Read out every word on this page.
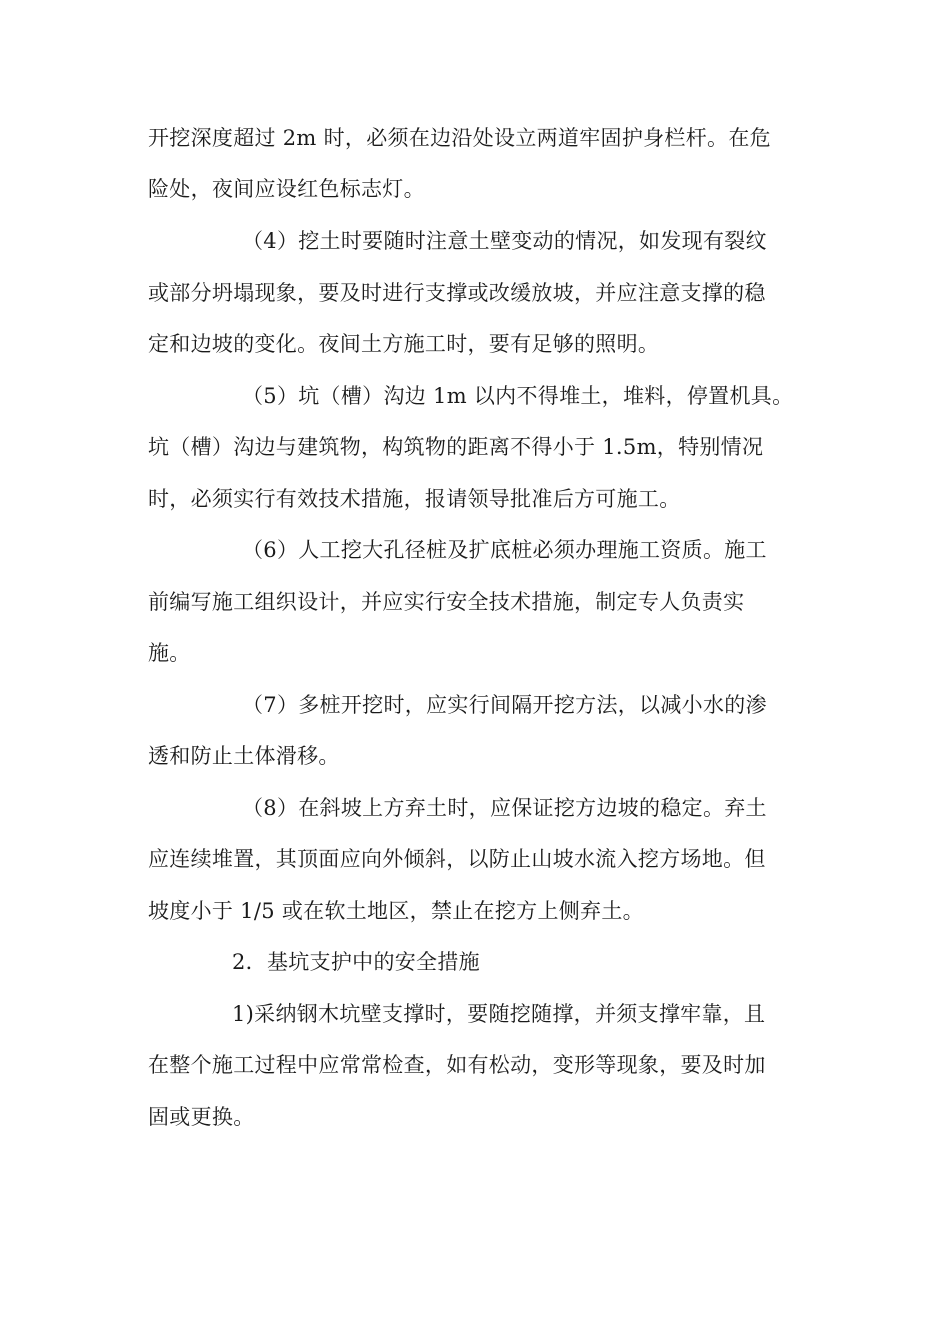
开挖深度超过 2m 时，必须在边沿处设立两道牢固护身栏杆。在危
险处，夜间应设红色标志灯。
（4）挖土时要随时注意土壁变动的情况，如发现有裂纹
或部分坍塌现象，要及时进行支撑或改缓放坡，并应注意支撑的稳
定和边坡的变化。夜间土方施工时，要有足够的照明。
（5）坑（槽）沟边 1m 以内不得堆土，堆料，停置机具。
坑（槽）沟边与建筑物，构筑物的距离不得小于 1.5m，特别情况
时，必须实行有效技术措施，报请领导批准后方可施工。
（6）人工挖大孔径桩及扩底桩必须办理施工资质。施工
前编写施工组织设计，并应实行安全技术措施，制定专人负责实
施。
（7）多桩开挖时，应实行间隔开挖方法，以减小水的渗
透和防止土体滑移。
（8）在斜坡上方弃土时，应保证挖方边坡的稳定。弃土
应连续堆置，其顶面应向外倾斜，以防止山坡水流入挖方场地。但
坡度小于 1/5 或在软土地区，禁止在挖方上侧弃土。
2．基坑支护中的安全措施
1)采纳钢木坑壁支撑时，要随挖随撑，并须支撑牢靠，且
在整个施工过程中应常常检查，如有松动，变形等现象，要及时加
固或更换。
